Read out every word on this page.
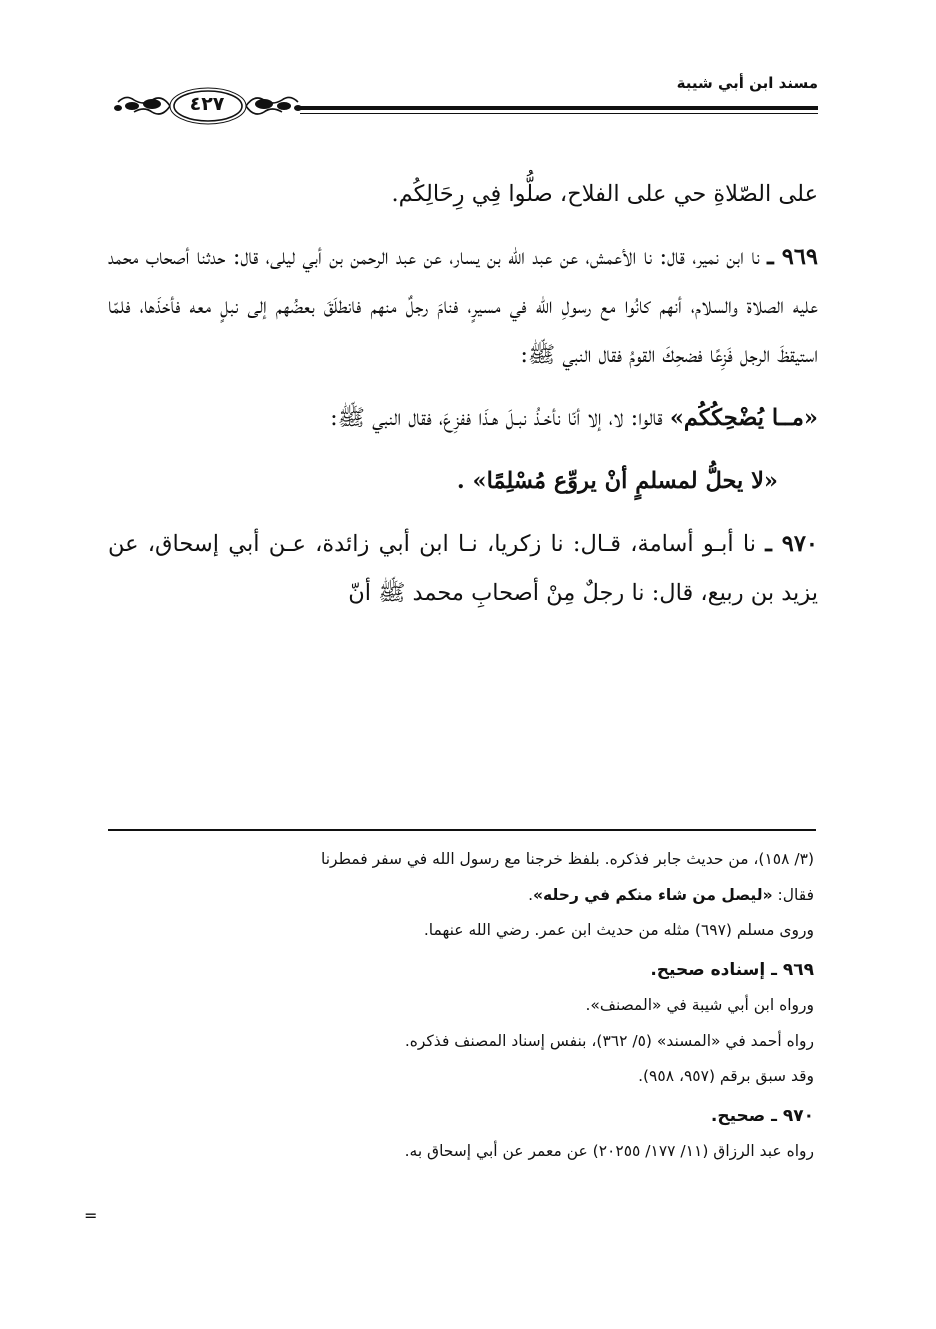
مسند ابن أبي شيبة
٤٢٧

على الصّلاةِ حي على الفلاح، صلُّوا فِي رِحَالِكُم.

٩٦٩ ـ نا ابن نمير، قال: نا الأعمش، عن عبد الله بن يسار، عن عبد الرحمن بن أبي ليلى، قال: حدثنا أصحاب محمد عليه الصلاة والسلام، أنهم كانُوا مع رسولِ الله في مسيرٍ، فنامَ رجلٌ منهم فانطلَقَ بعضُهم إلى نبلٍ معه فأخذَها، فلمّا استيقظَ الرجل فَزِعًا فضحِكَ القومُ فقال النبي ﷺ:

«مــا يُضْحِكُكُم» قالوا: لا، إلا أنّا نأخـذُ نبـلَ هـذَا ففزِعَ، فقال النبي ﷺ:

«لا يحلُّ لمسلمٍ أنْ يروِّع مُسْلِمًا» .

٩٧٠ ـ نا أبـو أسامة، قـال: نا زكريا، نـا ابن أبي زائدة، عـن أبي إسحاق، عن يزيد بن ربيع، قال: نا رجلٌ مِنْ أصحابِ محمد ﷺ أنّ

(٣/ ١٥٨)، من حديث جابر فذكره. بلفظ خرجنا مع رسول الله في سفر فمطرنا

فقال: «ليصل من شاء منكم في رحله».

وروى مسلم (٦٩٧) مثله من حديث ابن عمر. رضي الله عنهما.

٩٦٩ ـ إسناده صحيح.

ورواه ابن أبي شيبة في «المصنف».

رواه أحمد في «المسند» (٥/ ٣٦٢)، بنفس إسناد المصنف فذكره.

وقد سبق برقم (٩٥٧، ٩٥٨).

٩٧٠ ـ صحيح.

رواه عبد الرزاق (١١/ ١٧٧/ ٢٠٢٥٥) عن معمر عن أبي إسحاق به.

=
